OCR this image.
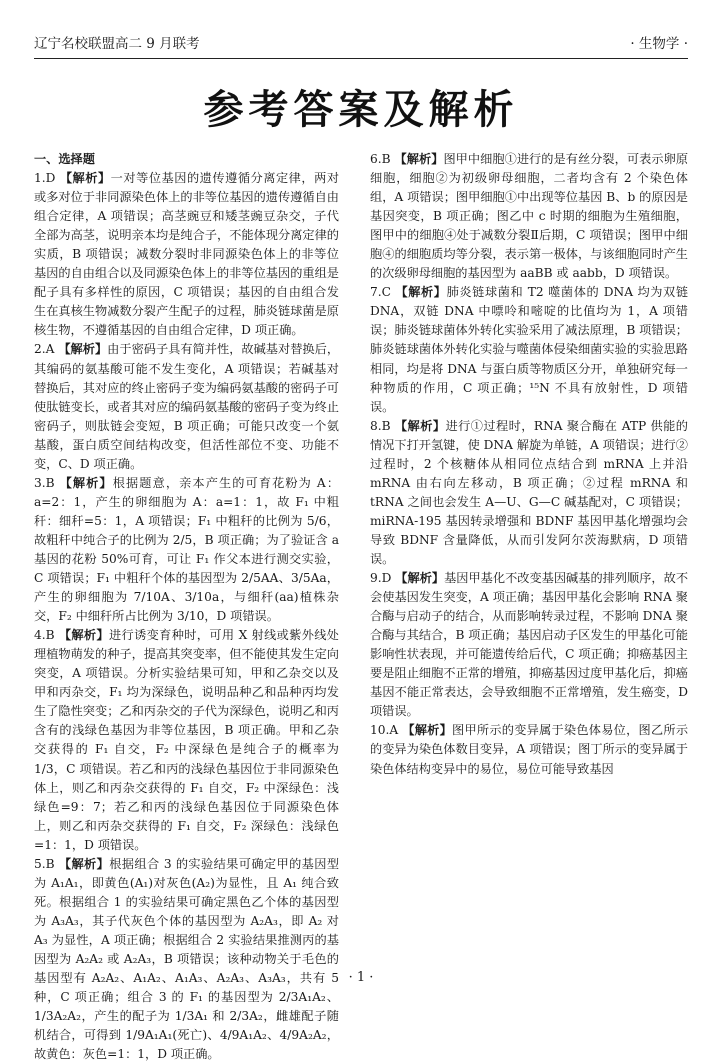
辽宁名校联盟高二 9 月联考	· 生物学 ·
参考答案及解析

一、选择题

1.D 【解析】一对等位基因的遗传遵循分离定律，两对或多对位于非同源染色体上的非等位基因的遗传遵循自由组合定律，A 项错误；高茎豌豆和矮茎豌豆杂交，子代全部为高茎，说明亲本均是纯合子，不能体现分离定律的实质，B 项错误；减数分裂时非同源染色体上的非等位基因的自由组合以及同源染色体上的非等位基因的重组是配子具有多样性的原因，C 项错误；基因的自由组合发生在真核生物减数分裂产生配子的过程，肺炎链球菌是原核生物，不遵循基因的自由组合定律，D 项正确。

2.A 【解析】由于密码子具有简并性，故碱基对替换后，其编码的氨基酸可能不发生变化，A 项错误；若碱基对替换后，其对应的终止密码子变为编码氨基酸的密码子可使肽链变长，或者其对应的编码氨基酸的密码子变为终止密码子，则肽链会变短，B 项正确；可能只改变一个氨基酸，蛋白质空间结构改变，但活性部位不变、功能不变，C、D 项正确。

3.B 【解析】根据题意，亲本产生的可育花粉为 A：a=2：1，产生的卵细胞为 A：a=1：1，故 F₁ 中粗秆：细秆=5：1，A 项错误；F₁ 中粗秆的比例为 5/6，故粗秆中纯合子的比例为 2/5，B 项正确；为了验证含 a 基因的花粉 50%可育，可让 F₁ 作父本进行测交实验，C 项错误；F₁ 中粗秆个体的基因型为 2/5AA、3/5Aa，产生的卵细胞为 7/10A、3/10a，与细秆(aa)植株杂交，F₂ 中细秆所占比例为 3/10，D 项错误。

4.B 【解析】进行诱变育种时，可用 X 射线或紫外线处理植物萌发的种子，提高其突变率，但不能使其发生定向突变，A 项错误。分析实验结果可知，甲和乙杂交以及甲和丙杂交，F₁ 均为深绿色，说明品种乙和品种丙均发生了隐性突变；乙和丙杂交的子代为深绿色，说明乙和丙含有的浅绿色基因为非等位基因，B 项正确。甲和乙杂交获得的 F₁ 自交，F₂ 中深绿色是纯合子的概率为 1/3，C 项错误。若乙和丙的浅绿色基因位于非同源染色体上，则乙和丙杂交获得的 F₁ 自交，F₂ 中深绿色：浅绿色=9：7；若乙和丙的浅绿色基因位于同源染色体上，则乙和丙杂交获得的 F₁ 自交，F₂ 深绿色：浅绿色=1：1，D 项错误。

5.B 【解析】根据组合 3 的实验结果可确定甲的基因型为 A₁A₁，即黄色(A₁)对灰色(A₂)为显性，且 A₁ 纯合致死。根据组合 1 的实验结果可确定黑色乙个体的基因型为 A₃A₃，其子代灰色个体的基因型为 A₂A₃，即 A₂ 对 A₃ 为显性，A 项正确；根据组合 2 实验结果推测丙的基因型为 A₂A₂ 或 A₂A₃，B 项错误；该种动物关于毛色的基因型有 A₂A₂、A₁A₂、A₁A₃、A₂A₃、A₃A₃，共有 5 种，C 项正确；组合 3 的 F₁ 的基因型为 2/3A₁A₂、1/3A₂A₂，产生的配子为 1/3A₁ 和 2/3A₂，雌雄配子随机结合，可得到 1/9A₁A₁(死亡)、4/9A₁A₂、4/9A₂A₂，故黄色：灰色=1：1，D 项正确。

6.B 【解析】图甲中细胞①进行的是有丝分裂，可表示卵原细胞，细胞②为初级卵母细胞，二者均含有 2 个染色体组，A 项错误；图甲细胞①中出现等位基因 B、b 的原因是基因突变，B 项正确；图乙中 c 时期的细胞为生殖细胞，图甲中的细胞④处于减数分裂Ⅱ后期，C 项错误；图甲中细胞④的细胞质均等分裂，表示第一极体，与该细胞同时产生的次级卵母细胞的基因型为 aaBB 或 aabb，D 项错误。

7.C 【解析】肺炎链球菌和 T2 噬菌体的 DNA 均为双链 DNA，双链 DNA 中嘌呤和嘧啶的比值均为 1，A 项错误；肺炎链球菌体外转化实验采用了减法原理，B 项错误；肺炎链球菌体外转化实验与噬菌体侵染细菌实验的实验思路相同，均是将 DNA 与蛋白质等物质区分开，单独研究每一种物质的作用，C 项正确；¹⁵N 不具有放射性，D 项错误。

8.B 【解析】进行①过程时，RNA 聚合酶在 ATP 供能的情况下打开氢键，使 DNA 解旋为单链，A 项错误；进行②过程时，2 个核糖体从相同位点结合到 mRNA 上并沿 mRNA 由右向左移动，B 项正确；②过程 mRNA 和 tRNA 之间也会发生 A—U、G—C 碱基配对，C 项错误；miRNA-195 基因转录增强和 BDNF 基因甲基化增强均会导致 BDNF 含量降低，从而引发阿尔茨海默病，D 项错误。

9.D 【解析】基因甲基化不改变基因碱基的排列顺序，故不会使基因发生突变，A 项正确；基因甲基化会影响 RNA 聚合酶与启动子的结合，从而影响转录过程，不影响 DNA 聚合酶与其结合，B 项正确；基因启动子区发生的甲基化可能影响性状表现，并可能遗传给后代，C 项正确；抑癌基因主要是阻止细胞不正常的增殖，抑癌基因过度甲基化后，抑癌基因不能正常表达，会导致细胞不正常增殖，发生癌变，D 项错误。

10.A 【解析】图甲所示的变异属于染色体易位，图乙所示的变异为染色体数目变异，A 项错误；图丁所示的变异属于染色体结构变异中的易位，易位可能导致基因

· 1 ·
